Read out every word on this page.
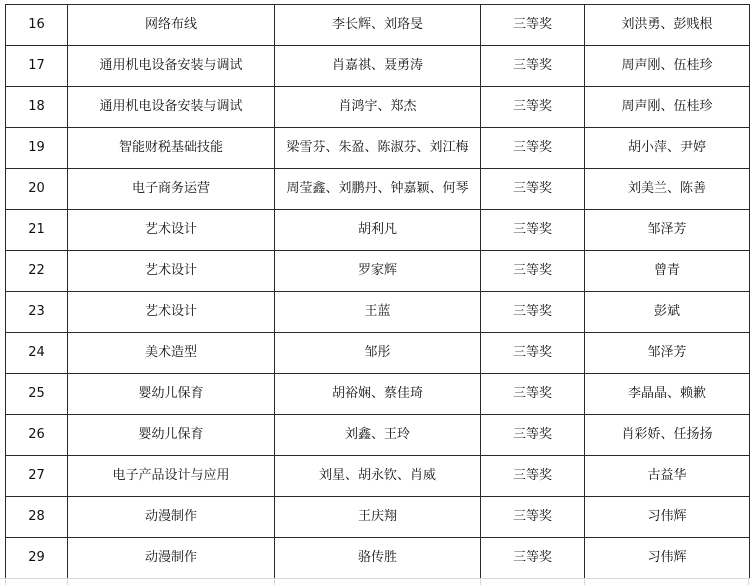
16	网络布线	李长辉、刘珞旻	三等奖	刘洪勇、彭贱根
17	通用机电设备安装与调试	肖嘉祺、聂勇涛	三等奖	周声刚、伍桂珍
18	通用机电设备安装与调试	肖鸿宇、郑杰	三等奖	周声刚、伍桂珍
19	智能财税基础技能	梁雪芬、朱盈、陈淑芬、刘江梅	三等奖	胡小萍、尹婷
20	电子商务运营	周莹鑫、刘鹏丹、钟嘉颖、何琴	三等奖	刘美兰、陈善
21	艺术设计	胡利凡	三等奖	邹泽芳
22	艺术设计	罗家辉	三等奖	曾青
23	艺术设计	王蓝	三等奖	彭斌
24	美术造型	邹彤	三等奖	邹泽芳
25	婴幼儿保育	胡裕娴、蔡佳琦	三等奖	李晶晶、赖歉
26	婴幼儿保育	刘鑫、王玲	三等奖	肖彩娇、任扬扬
27	电子产品设计与应用	刘星、胡永钦、肖威	三等奖	古益华
28	动漫制作	王庆翔	三等奖	习伟辉
29	动漫制作	骆传胜	三等奖	习伟辉
